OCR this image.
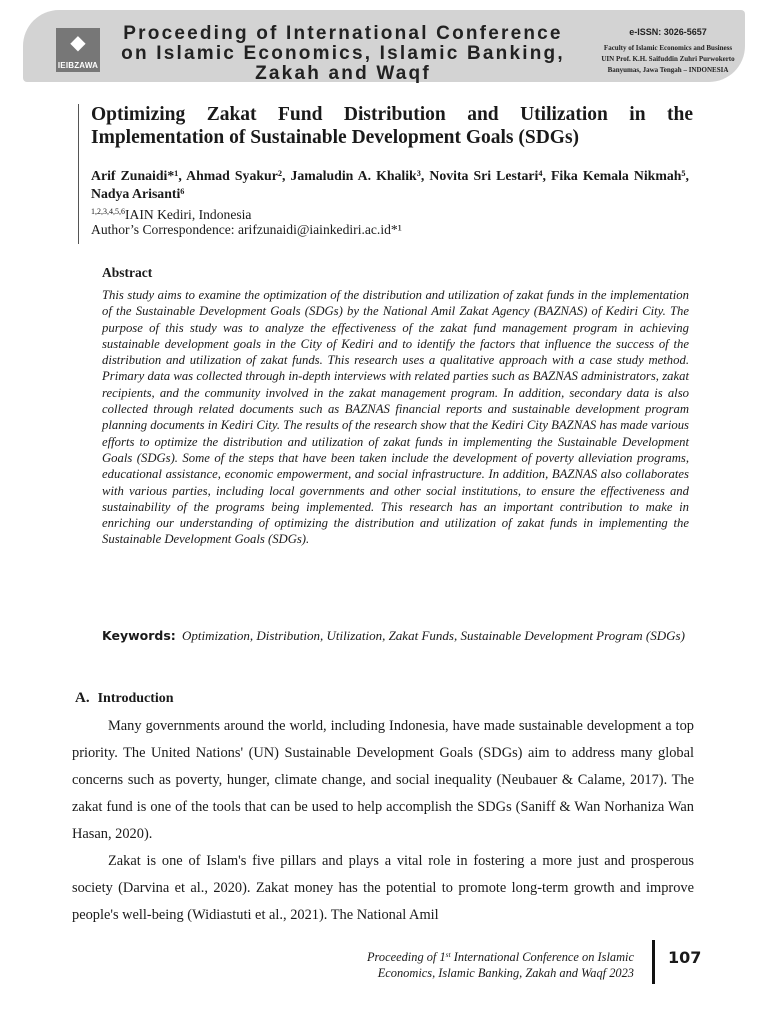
◆
IEIBZAWA
Proceeding of International Conference
on Islamic Economics, Islamic Banking,
Zakah and Waqf
e-ISSN: 3026-5657
Faculty of Islamic Economics and Business
UIN Prof. K.H. Saifuddin Zuhri Purwokerto
Banyumas, Jawa Tengah – INDONESIA
Optimizing Zakat Fund Distribution and Utilization in the Implementation of Sustainable Development Goals (SDGs)
Arif Zunaidi*¹, Ahmad Syakur², Jamaludin A. Khalik³, Novita Sri Lestari⁴, Fika Kemala Nikmah⁵, Nadya Arisanti⁶
$^{1,2,3,4,5,6}$IAIN Kediri, Indonesia
Author’s Correspondence: arifzunaidi@iainkediri.ac.id*¹
Abstract
This study aims to examine the optimization of the distribution and utilization of zakat funds in the implementation of the Sustainable Development Goals (SDGs) by the National Amil Zakat Agency (BAZNAS) of Kediri City. The purpose of this study was to analyze the effectiveness of the zakat fund management program in achieving sustainable development goals in the City of Kediri and to identify the factors that influence the success of the distribution and utilization of zakat funds. This research uses a qualitative approach with a case study method. Primary data was collected through in-depth interviews with related parties such as BAZNAS administrators, zakat recipients, and the community involved in the zakat management program. In addition, secondary data is also collected through related documents such as BAZNAS financial reports and sustainable development program planning documents in Kediri City. The results of the research show that the Kediri City BAZNAS has made various efforts to optimize the distribution and utilization of zakat funds in implementing the Sustainable Development Goals (SDGs). Some of the steps that have been taken include the development of poverty alleviation programs, educational assistance, economic empowerment, and social infrastructure. In addition, BAZNAS also collaborates with various parties, including local governments and other social institutions, to ensure the effectiveness and sustainability of the programs being implemented. This research has an important contribution to make in enriching our understanding of optimizing the distribution and utilization of zakat funds in implementing the Sustainable Development Goals (SDGs).
Keywords: Optimization, Distribution, Utilization, Zakat Funds, Sustainable Development Program (SDGs)
A. Introduction

Many governments around the world, including Indonesia, have made sustainable development a top priority. The United Nations' (UN) Sustainable Development Goals (SDGs) aim to address many global concerns such as poverty, hunger, climate change, and social inequality (Neubauer & Calame, 2017). The zakat fund is one of the tools that can be used to help accomplish the SDGs (Saniff & Wan Norhaniza Wan Hasan, 2020).

Zakat is one of Islam's five pillars and plays a vital role in fostering a more just and prosperous society (Darvina et al., 2020). Zakat money has the potential to promote long-term growth and improve people's well-being (Widiastuti et al., 2021). The National Amil

Proceeding of 1st International Conference on Islamic
Economics, Islamic Banking, Zakah and Waqf 2023
107
